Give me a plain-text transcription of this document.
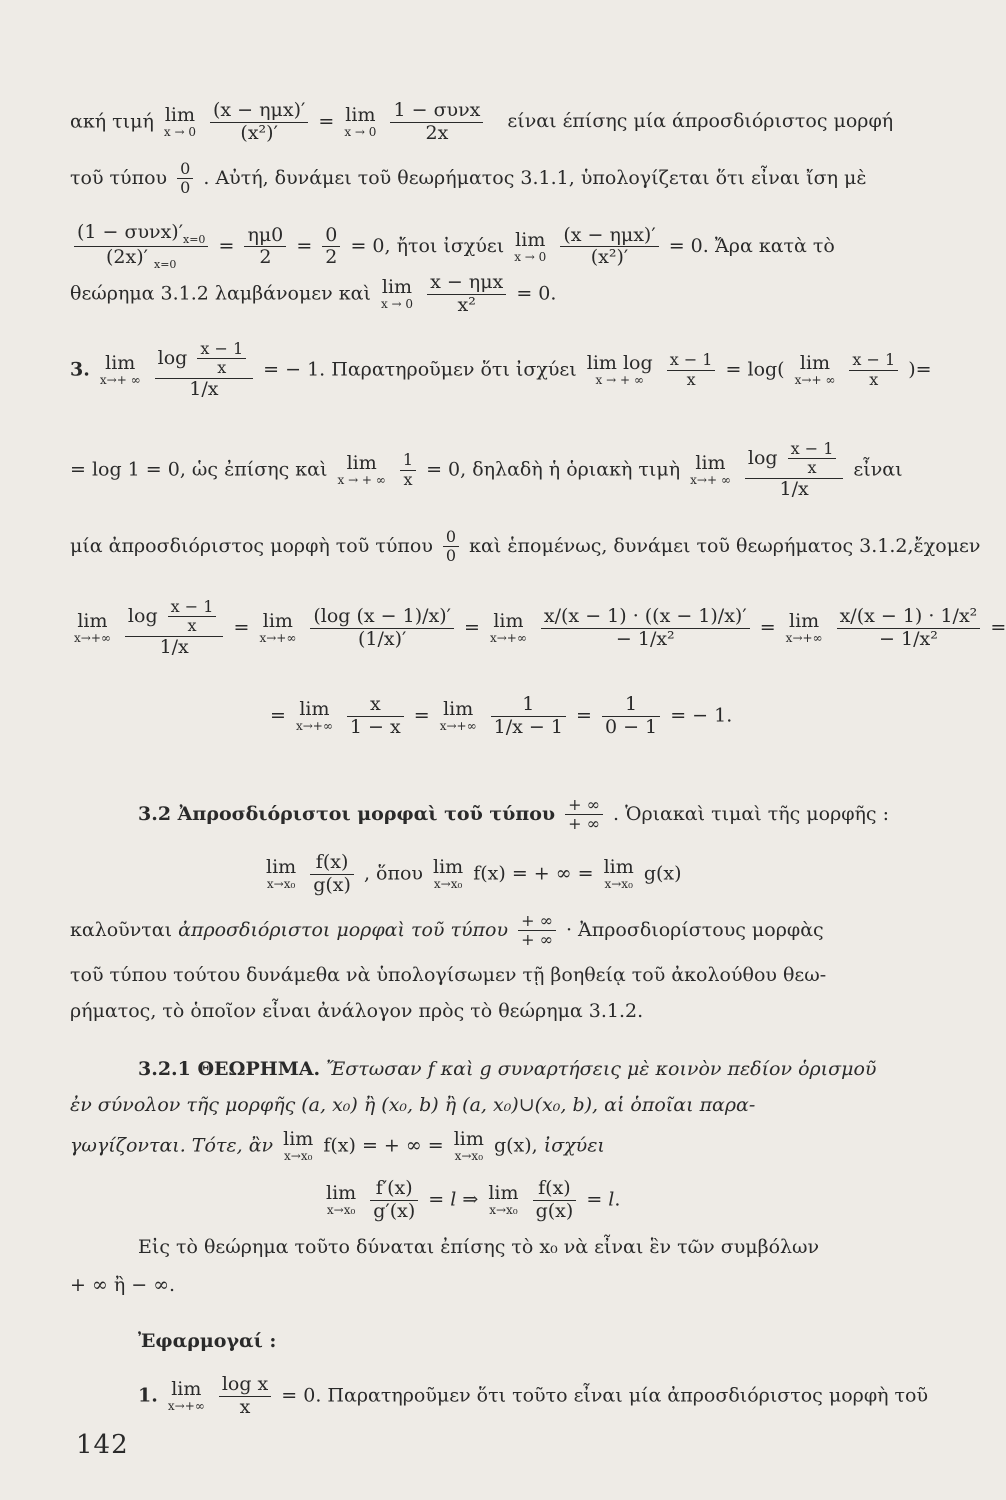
ακή τιμή lim
x → 0
$\frac{\text{(x − ημx)′}}{\text{(x²)′}} = \lim$
x → 0
$\frac{\text{1 − συνx}}{2x}$ είναι έπίσης μία άπροσδιόριστος μορφή
τοῦ τύπου $\frac{0}{0}$ . Αὐτή, δυνάμει τοῦ θεωρήματος 3.1.1, ὑπολογίζεται ὅτι εἶναι ἴση μὲ
$\frac{(1 - \sigma\upsilon\nu x)'_{x=0}}{(2x)' _{x=0}} = \frac{\eta\mu 0}{2} = \frac{0}{2} = 0$, ἤτοι ἰσχύει lim
x → 0
$\frac{\text{(x − ημx)′}}{\text{(x²)′}} = 0$. Ἄρα κατὰ τὸ
θεώρημα 3.1.2 λαμβάνομεν καὶ lim
x → 0
$\frac{\text{x − ημx}}{\text{x²}} = 0$.
3. lim
x→+ ∞
$\frac{\log \frac{x - 1}{x}}{1/x}$ = − 1. Παρατηροῦμεν ὅτι ἰσχύει lim log
x → + ∞
	$\frac{x - 1}{x} = \log$( lim
x→+ ∞
$\frac{x - 1}{x}$ )=
= log 1 = 0, ὡς ἐπίσης καὶ lim
x → + ∞
$\frac{1}{x} = 0$, δηλαδὴ ἡ ὁριακὴ τιμὴ lim
x→+ ∞
$\frac{\log \frac{x - 1}{x}}{1/x}$ εἶναι
μία ἀπροσδιόριστος μορφὴ τοῦ τύπου $\frac{0}{0}$ καὶ ἑπομένως, δυνάμει τοῦ θεωρήματος 3.1.2,ἔχομεν
lim
x→+∞
$\frac{\log \frac{x - 1}{x}}{1/x} = \lim$
x→+∞
$\frac{(\log (x - 1)/x)'}{(1/x)'} = \lim$
x→+∞
$\frac{x/(x - 1) \cdot ((x - 1)/x)'}{\text{− 1/x²}} = \lim$
x→+∞
$\frac{\text{x/(x − 1) · 1/x²}}{\text{− 1/x²}}$ =
= lim
x→+∞
$\frac{x}{1 - x} = \lim$
x→+∞
$\frac{1}{1/x - 1} = \frac{1}{0 - 1}$ = − 1.
3.2 Ἀπροσδιόριστοι μορφαὶ τοῦ τύπου $\frac{+ \infty}{+ \infty}$ . Ὁριακαὶ τιμαὶ τῆς μορφῆς :
lim
x→x₀
$\frac{f(x)}{g(x)}$ , ὅπου lim
x→x₀ f(x) = + ∞ = lim
x→x₀ g(x)
καλοῦνται ἀπροσδιόριστοι μορφαὶ τοῦ τύπου $\frac{+ \infty}{+ \infty}$ · Ἀπροσδιορίστους μορφὰς
τοῦ τύπου τούτου δυνάμεθα νὰ ὑπολογίσωμεν τῇ βοηθείᾳ τοῦ ἀκολούθου θεω-
ρήματος, τὸ ὁποῖον εἶναι ἀνάλογον πρὸς τὸ θεώρημα 3.1.2.
3.2.1 ΘΕΩΡΗΜΑ. Ἔστωσαν f καὶ g συναρτήσεις μὲ κοινὸν πεδίον ὁρισμοῦ
ἐν σύνολον τῆς μορφῆς (a, x₀) ἢ (x₀, b) ἢ (a, x₀)∪(x₀, b), αἱ ὁποῖαι παρα-
γωγίζονται. Τότε, ἂν lim
x→x₀ f(x) = + ∞ = lim
x→x₀ g(x), ἰσχύει
lim
x→x₀
$\frac{f'(x)}{g'(x)} = l$ ⇒ lim
x→x₀
$\frac{f(x)}{g(x)} = l$.
Εἰς τὸ θεώρημα τοῦτο δύναται ἐπίσης τὸ x₀ νὰ εἶναι ἓν τῶν συμβόλων
+ ∞ ἢ − ∞.
Ἐφαρμογαί :
1. lim
x→+∞
$\frac{\text{log x}}{x} = 0$. Παρατηροῦμεν ὅτι τοῦτο εἶναι μία ἀπροσδιόριστος μορφὴ τοῦ
142
